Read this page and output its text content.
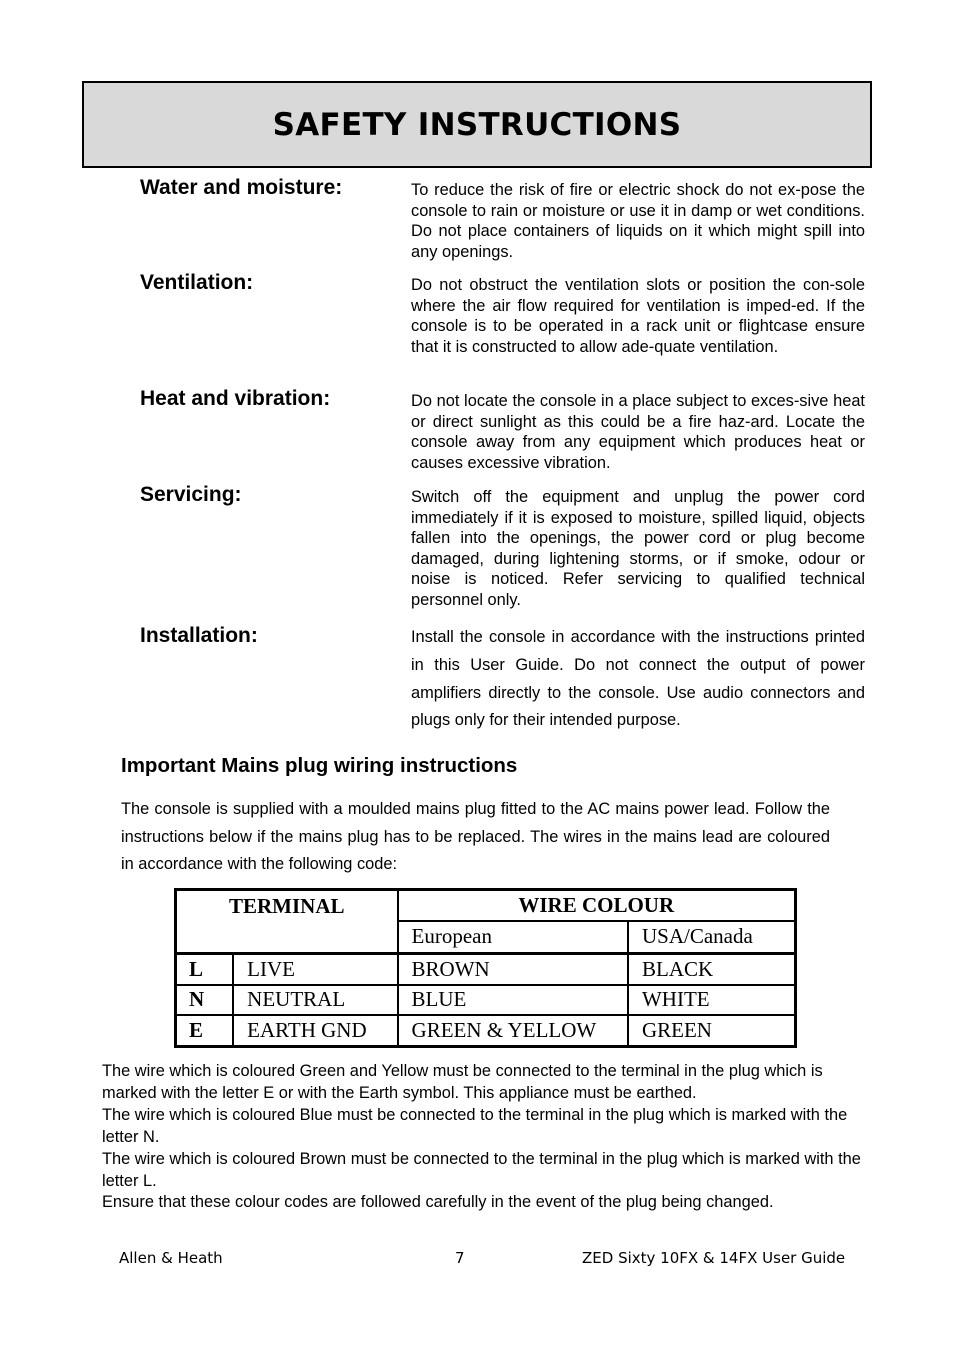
SAFETY INSTRUCTIONS
Water and moisture:	To reduce the risk of fire or electric shock do not ex-pose the console to rain or moisture or use it in damp or wet conditions. Do not place containers of liquids on it which might spill into any openings.
Ventilation:	Do not obstruct the ventilation slots or position the con-sole where the air flow required for ventilation is imped-ed. If the console is to be operated in a rack unit or flightcase ensure that it is constructed to allow ade-quate ventilation.
Heat and vibration:	Do not locate the console in a place subject to exces-sive heat or direct sunlight as this could be a fire haz-ard. Locate the console away from any equipment which produces heat or causes excessive vibration.
Servicing:	Switch off the equipment and unplug the power cord immediately if it is exposed to moisture, spilled liquid, objects fallen into the openings, the power cord or plug become damaged, during lightening storms, or if smoke, odour or noise is noticed. Refer servicing to qualified technical personnel only.
Installation:	Install the console in accordance with the instructions printed in this User Guide. Do not connect the output of power amplifiers directly to the console. Use audio connectors and plugs only for their intended purpose.
Important Mains plug wiring instructions
The console is supplied with a moulded mains plug fitted to the AC mains power lead. Follow the instructions below if the mains plug has to be replaced. The wires in the mains lead are coloured in accordance with the following code:
TERMINAL		WIRE COLOUR	
		European	USA/Canada
L	LIVE	BROWN	BLACK
N	NEUTRAL	BLUE	WHITE
E	EARTH GND	GREEN & YELLOW	GREEN

The wire which is coloured Green and Yellow must be connected to the terminal in the plug which is marked with the letter E or with the Earth symbol. This appliance must be earthed.

The wire which is coloured Blue must be connected to the terminal in the plug which is marked with the letter N.

The wire which is coloured Brown must be connected to the terminal in the plug which is marked with the letter L.

Ensure that these colour codes are followed carefully in the event of the plug being changed.

Allen & Heath	7	ZED Sixty 10FX & 14FX User Guide
